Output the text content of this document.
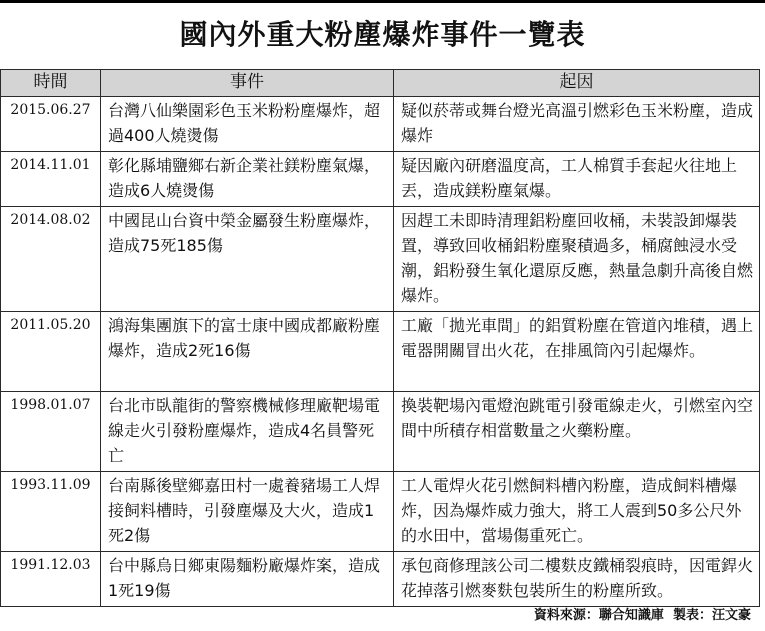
國內外重大粉塵爆炸事件一覽表
時間	事件	起因
2015.06.27	台灣八仙樂園彩色玉米粉粉塵爆炸，超過400人燒燙傷	疑似菸蒂或舞台燈光高溫引燃彩色玉米粉塵，造成爆炸
2014.11.01	彰化縣埔鹽鄉右新企業社鎂粉塵氣爆，造成6人燒燙傷	疑因廠內研磨溫度高，工人棉質手套起火往地上丟，造成鎂粉塵氣爆。
2014.08.02	中國昆山台資中榮金屬發生粉塵爆炸，造成75死185傷	因趕工未即時清理鋁粉塵回收桶，未裝設卸爆裝置，導致回收桶鋁粉塵聚積過多，桶腐蝕浸水受潮，鋁粉發生氧化還原反應，熱量急劇升高後自燃爆炸。
2011.05.20	鴻海集團旗下的富士康中國成都廠粉塵爆炸，造成2死16傷	工廠「拋光車間」的鋁質粉塵在管道內堆積，遇上電器開關冒出火花，在排風筒內引起爆炸。
1998.01.07	台北市臥龍街的警察機械修理廠靶場電線走火引發粉塵爆炸，造成4名員警死亡	換裝靶場內電燈泡跳電引發電線走火，引燃室內空間中所積存相當數量之火藥粉塵。
1993.11.09	台南縣後壁鄉嘉田村一處養豬場工人焊接飼料槽時，引發塵爆及大火，造成1死2傷	工人電焊火花引燃飼料槽內粉塵，造成飼料槽爆炸，因為爆炸威力強大，將工人震到50多公尺外的水田中，當場傷重死亡。
1991.12.03	台中縣烏日鄉東陽麵粉廠爆炸案，造成1死19傷	承包商修理該公司二樓麩皮鐵桶裂痕時，因電銲火花掉落引燃麥麩包裝所生的粉塵所致。
資料來源：聯合知識庫 製表：汪文豪
